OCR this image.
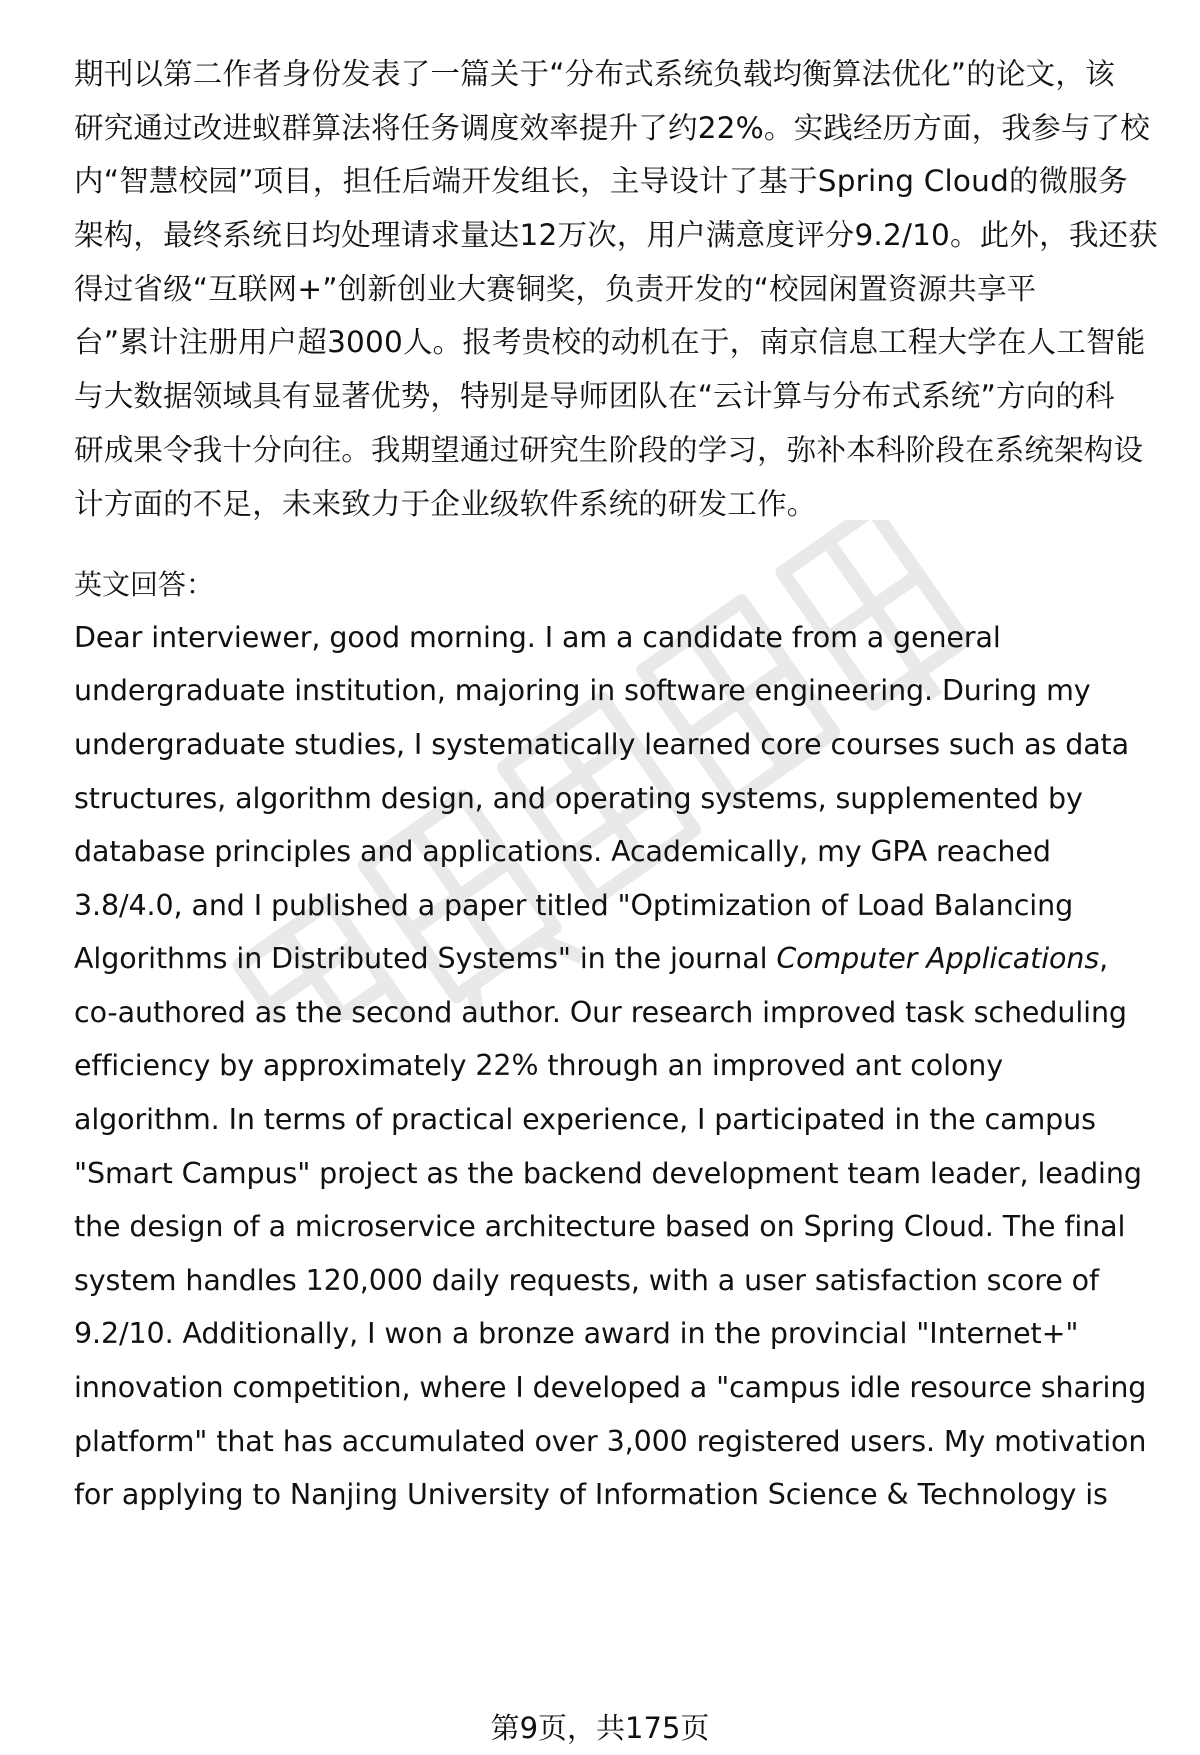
期刊以第二作者身份发表了一篇关于“分布式系统负载均衡算法优化”的论文，该
研究通过改进蚁群算法将任务调度效率提升了约22%。实践经历方面，我参与了校
内“智慧校园”项目，担任后端开发组长，主导设计了基于Spring Cloud的微服务
架构，最终系统日均处理请求量达12万次，用户满意度评分9.2/10。此外，我还获
得过省级“互联网+”创新创业大赛铜奖，负责开发的“校园闲置资源共享平
台”累计注册用户超3000人。报考贵校的动机在于，南京信息工程大学在人工智能
与大数据领域具有显著优势，特别是导师团队在“云计算与分布式系统”方向的科
研成果令我十分向往。我期望通过研究生阶段的学习，弥补本科阶段在系统架构设
计方面的不足，未来致力于企业级软件系统的研发工作。
英文回答：
Dear interviewer, good morning. I am a candidate from a general
undergraduate institution, majoring in software engineering. During my
undergraduate studies, I systematically learned core courses such as data
structures, algorithm design, and operating systems, supplemented by
database principles and applications. Academically, my GPA reached
3.8/4.0, and I published a paper titled "Optimization of Load Balancing
Algorithms in Distributed Systems" in the journal Computer Applications,
co-authored as the second author. Our research improved task scheduling
efficiency by approximately 22% through an improved ant colony
algorithm. In terms of practical experience, I participated in the campus
"Smart Campus" project as the backend development team leader, leading
the design of a microservice architecture based on Spring Cloud. The final
system handles 120,000 daily requests, with a user satisfaction score of
9.2/10. Additionally, I won a bronze award in the provincial "Internet+"
innovation competition, where I developed a "campus idle resource sharing
platform" that has accumulated over 3,000 registered users. My motivation
for applying to Nanjing University of Information Science & Technology is
第9页，共175页
